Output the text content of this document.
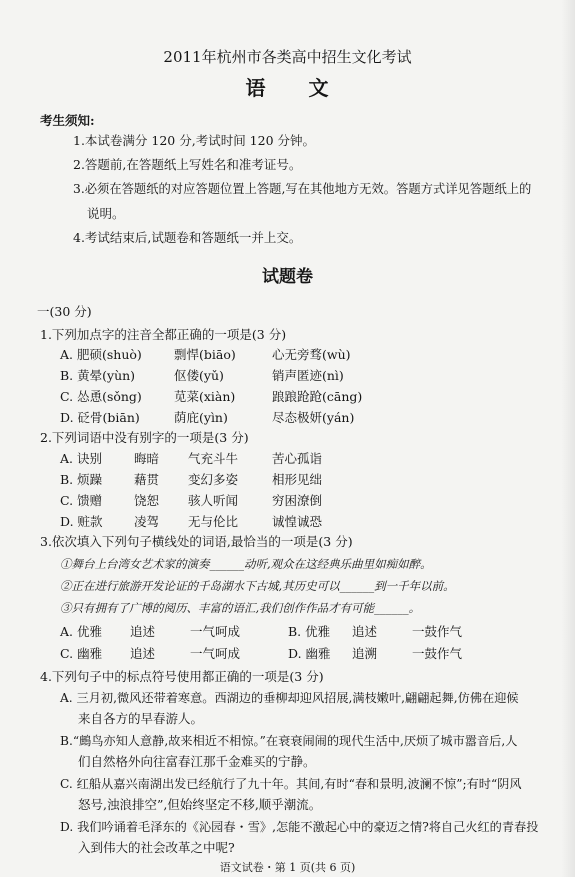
2011年杭州市各类高中招生文化考试
语　　文
考生须知:
1.本试卷满分 120 分,考试时间 120 分钟。
2.答题前,在答题纸上写姓名和准考证号。
3.必须在答题纸的对应答题位置上答题,写在其他地方无效。答题方式详见答题纸上的
说明。
4.考试结束后,试题卷和答题纸一并上交。
试题卷
一(30 分)
1.下列加点字的注音全都正确的一项是(3 分)
A. 肥硕(shuò)	剽悍(biāo)	心无旁骛(wù)
B. 黄晕(yùn)	伛偻(yǔ)	销声匿迹(nì)
C. 怂恿(sǒng)	苋菜(xiàn)	踉踉跄跄(cāng)
D. 砭骨(biān)	荫庇(yìn)	尽态极妍(yán)
2.下列词语中没有别字的一项是(3 分)
A. 诀别	晦暗 气充斗牛	苦心孤诣
B. 烦躁	藉贯 变幻多姿	相形见绌
C. 馈赠	饶恕 骇人听闻	穷困潦倒
D. 赃款	凌驾 无与伦比	诚惶诚恐
3.依次填入下列句子横线处的词语,最恰当的一项是(3 分)
①舞台上台湾女艺术家的演奏______动听,观众在这经典乐曲里如痴如醉。
②正在进行旅游开发论证的千岛湖水下古城,其历史可以______到一千年以前。
③只有拥有了广博的阅历、丰富的语汇,我们创作作品才有可能______。
A. 优雅 追述	一气呵成	B. 优雅 追述	一鼓作气
C. 幽雅 追述	一气呵成	D. 幽雅 追溯	一鼓作气
4.下列句子中的标点符号使用都正确的一项是(3 分)
A. 三月初,微风还带着寒意。西湖边的垂柳却迎风招展,满枝嫩叶,翩翩起舞,仿佛在迎候
来自各方的早春游人。
B.“鷓鸟亦知人意静,故来相近不相惊。”在衰衰闹闹的现代生活中,厌烦了城市嚣音后,人
们自然格外向往富春江那千金难买的宁静。
C. 红船从嘉兴南湖出发已经航行了九十年。其间,有时“春和景明,波澜不惊”;有时“阴风
怒号,浊浪排空”,但始终坚定不移,顺乎潮流。
D. 我们吟诵着毛泽东的《沁园春・雪》,怎能不激起心中的豪迈之情?将自己火红的青春投
入到伟大的社会改革之中呢?
语文试卷・第 1 页(共 6 页)
